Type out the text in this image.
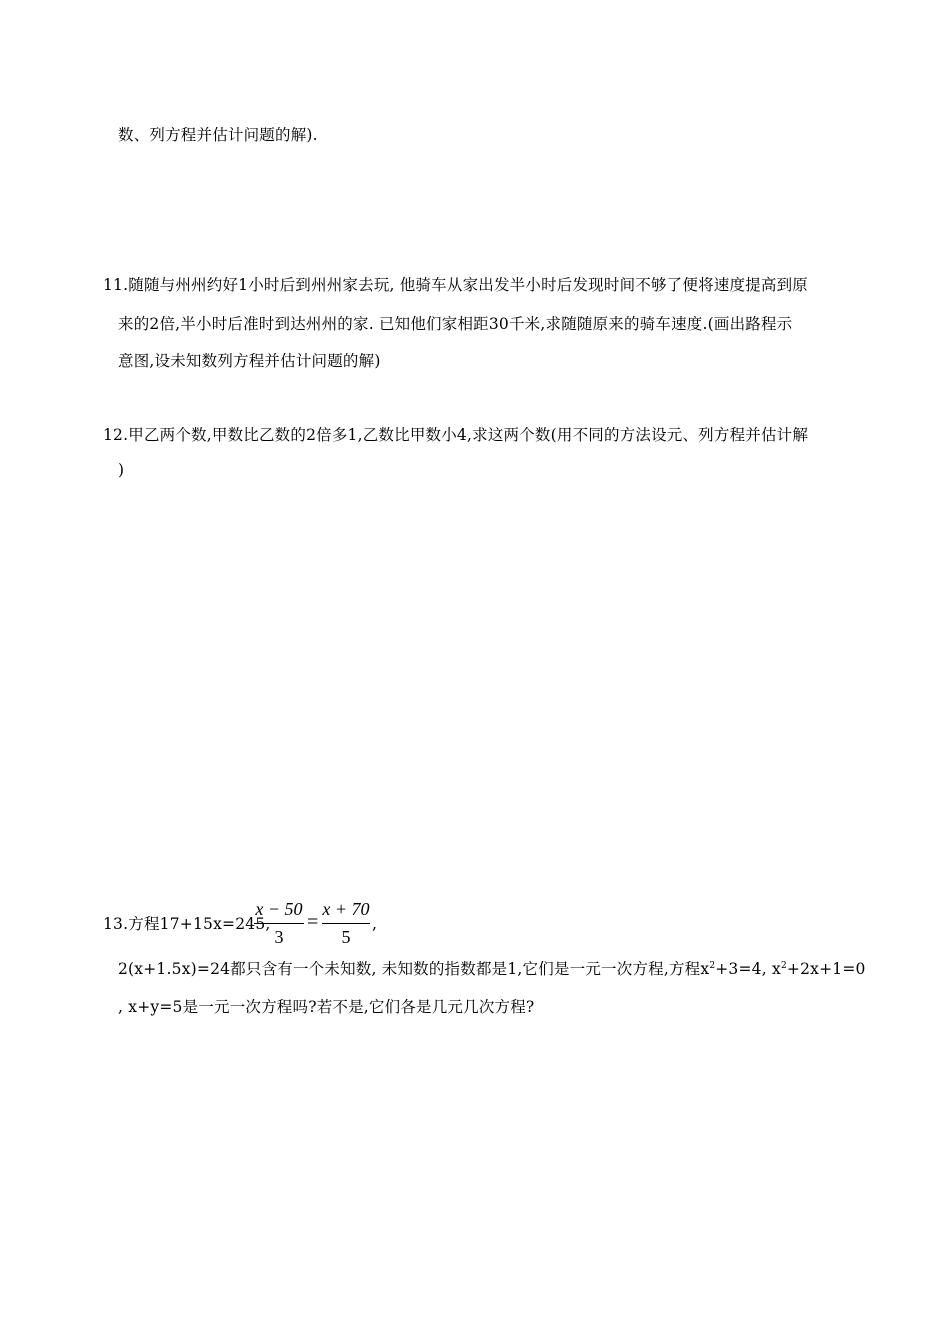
数、列方程并估计问题的解).
11.随随与州州约好1小时后到州州家去玩, 他骑车从家出发半小时后发现时间不够了便将速度提高到原
来的2倍,半小时后准时到达州州的家. 已知他们家相距30千米,求随随原来的骑车速度.(画出路程示
意图,设未知数列方程并估计问题的解)
12.甲乙两个数,甲数比乙数的2倍多1,乙数比甲数小4,求这两个数(用不同的方法设元、列方程并估计解
)
13.方程17+15x=245,
x − 50
3
=
x + 70
5
,
2(x+1.5x)=24都只含有一个未知数, 未知数的指数都是1,它们是一元一次方程,方程$x^2+3=4$, $x^2+2x+1=0$
, x+y=5是一元一次方程吗?若不是,它们各是几元几次方程?
